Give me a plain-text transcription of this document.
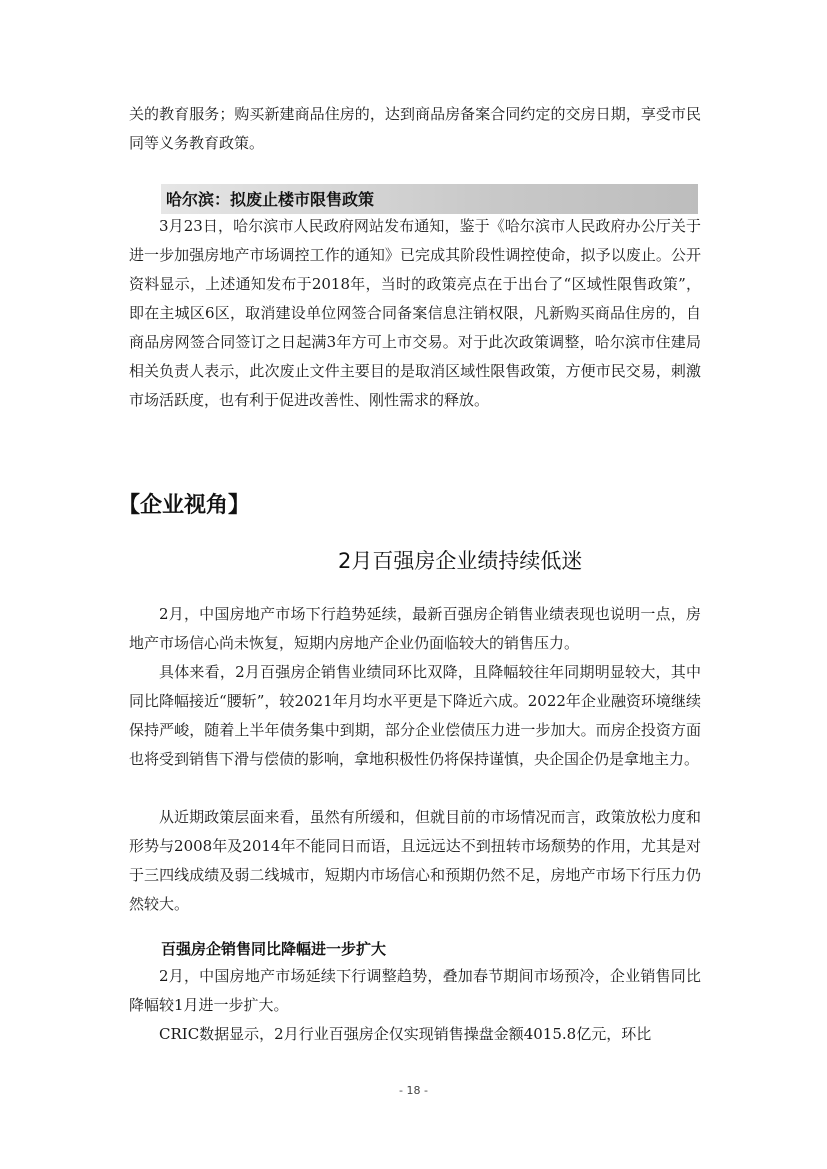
关的教育服务；购买新建商品住房的，达到商品房备案合同约定的交房日期，享受市民同等义务教育政策。

哈尔滨：拟废止楼市限售政策

3月23日，哈尔滨市人民政府网站发布通知，鉴于《哈尔滨市人民政府办公厅关于进一步加强房地产市场调控工作的通知》已完成其阶段性调控使命，拟予以废止。公开资料显示，上述通知发布于2018年，当时的政策亮点在于出台了“区域性限售政策”，即在主城区6区，取消建设单位网签合同备案信息注销权限，凡新购买商品住房的，自商品房网签合同签订之日起满3年方可上市交易。对于此次政策调整，哈尔滨市住建局相关负责人表示，此次废止文件主要目的是取消区域性限售政策，方便市民交易，刺激市场活跃度，也有利于促进改善性、刚性需求的释放。

【企业视角】
2月百强房企业绩持续低迷

2月，中国房地产市场下行趋势延续，最新百强房企销售业绩表现也说明一点，房地产市场信心尚未恢复，短期内房地产企业仍面临较大的销售压力。

具体来看，2月百强房企销售业绩同环比双降，且降幅较往年同期明显较大，其中同比降幅接近“腰斩”，较2021年月均水平更是下降近六成。2022年企业融资环境继续保持严峻，随着上半年债务集中到期，部分企业偿债压力进一步加大。而房企投资方面也将受到销售下滑与偿债的影响，拿地积极性仍将保持谨慎，央企国企仍是拿地主力。

从近期政策层面来看，虽然有所缓和，但就目前的市场情况而言，政策放松力度和形势与2008年及2014年不能同日而语，且远远达不到扭转市场颓势的作用，尤其是对于三四线成绩及弱二线城市，短期内市场信心和预期仍然不足，房地产市场下行压力仍然较大。

百强房企销售同比降幅进一步扩大

2月，中国房地产市场延续下行调整趋势，叠加春节期间市场预冷，企业销售同比降幅较1月进一步扩大。

CRIC数据显示，2月行业百强房企仅实现销售操盘金额4015.8亿元，环比

- 18 -
